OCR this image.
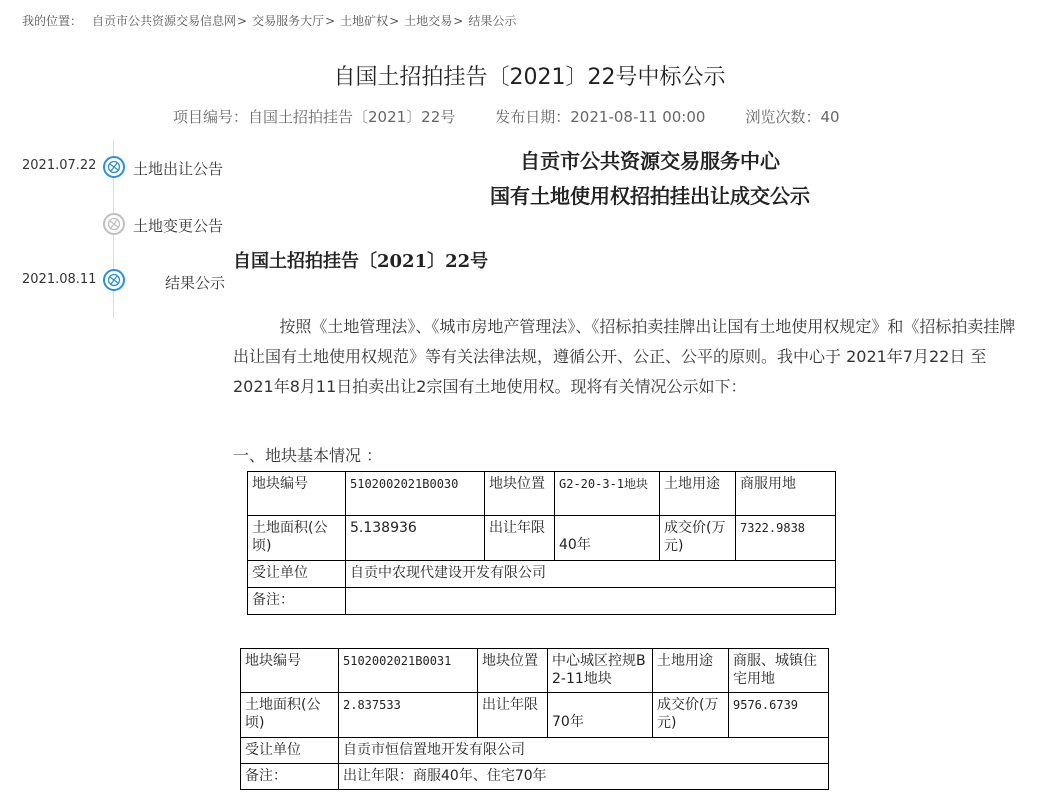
我的位置： 自贡市公共资源交易信息网> 交易服务大厅> 土地矿权> 土地交易> 结果公示
自国土招拍挂告〔2021〕22号中标公示
项目编号：自国土招拍挂告〔2021〕22号	发布日期：2021-08-11 00:00	浏览次数：40
2021.07.22 土地出让公告
土地变更公告
2021.08.11	结果公示
自贡市公共资源交易服务中心
国有土地使用权招拍挂出让成交公示
自国土招拍挂告〔2021〕22号
按照《土地管理法》、《城市房地产管理法》、《招标拍卖挂牌出让国有土地使用权规定》和《招标拍卖挂牌出让国有土地使用权规范》等有关法律法规，遵循公开、公正、公平的原则。我中心于 2021年7月22日 至 2021年8月11日拍卖出让2宗国有土地使用权。现将有关情况公示如下：
一、地块基本情况 ：
地块编号	5102002021B0030	地块位置	G2-20-3-1地块	土地用途	商服用地
土地面积(公顷)	5.138936	出让年限	40年	成交价(万元)	7322.9838
受让单位	自贡中农现代建设开发有限公司				
备注：					
地块编号	5102002021B0031	地块位置	中心城区控规B2-11地块	土地用途	商服、城镇住宅用地
土地面积(公顷)	2.837533	出让年限	70年	成交价(万元)	9576.6739
受让单位	自贡市恒信置地开发有限公司				
备注：	出让年限：商服40年、住宅70年				
